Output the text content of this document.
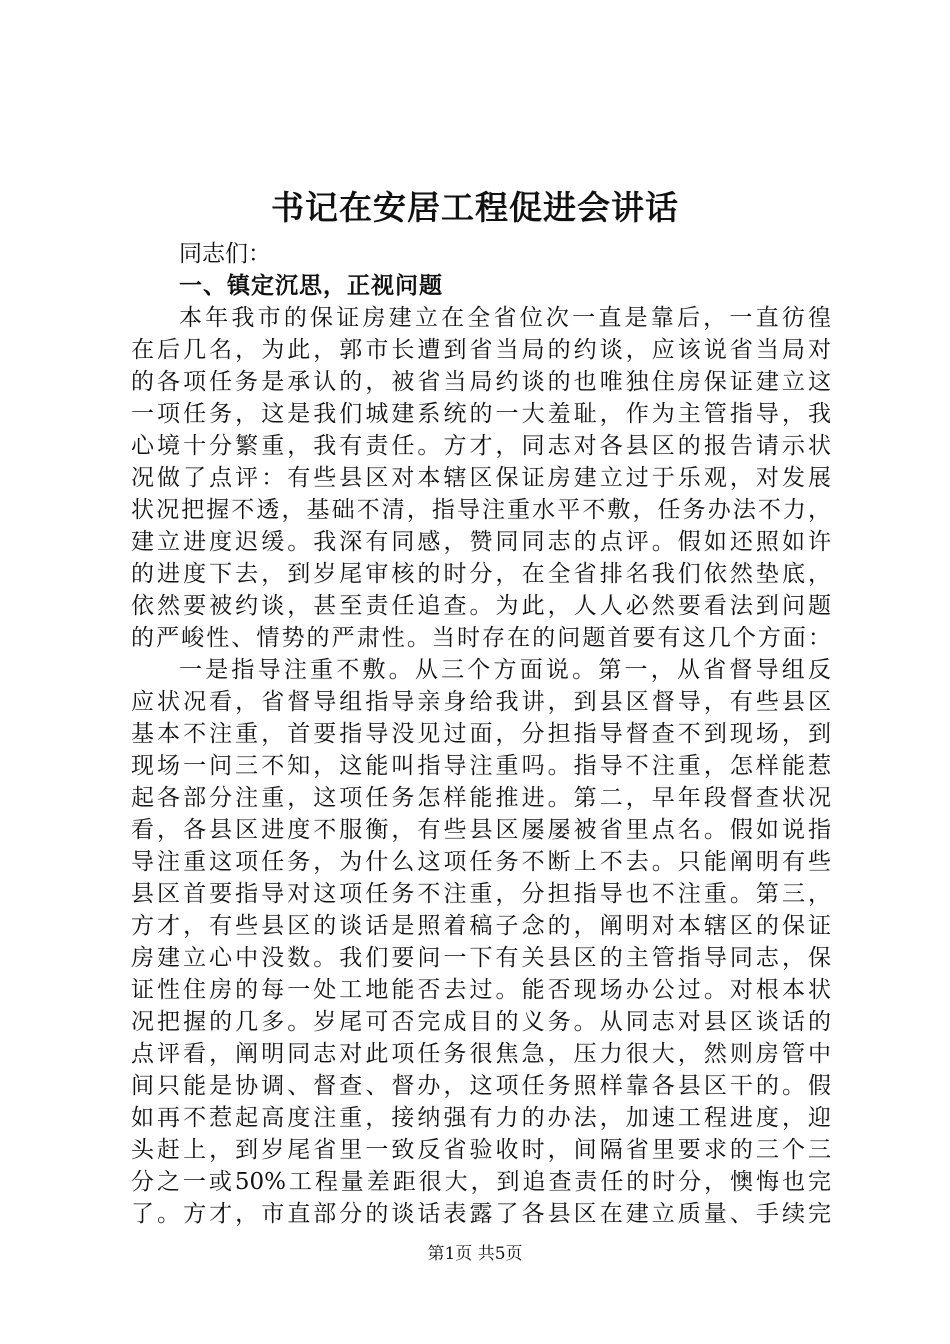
书记在安居工程促进会讲话
同志们：
一、镇定沉思，正视问题
本年我市的保证房建立在全省位次一直是靠后，一直彷徨
在后几名，为此，郭市长遭到省当局的约谈，应该说省当局对
的各项任务是承认的，被省当局约谈的也唯独住房保证建立这
一项任务，这是我们城建系统的一大羞耻，作为主管指导，我
心境十分繁重，我有责任。方才，同志对各县区的报告请示状
况做了点评：有些县区对本辖区保证房建立过于乐观，对发展
状况把握不透，基础不清，指导注重水平不敷，任务办法不力，
建立进度迟缓。我深有同感，赞同同志的点评。假如还照如许
的进度下去，到岁尾审核的时分，在全省排名我们依然垫底，
依然要被约谈，甚至责任追查。为此，人人必然要看法到问题
的严峻性、情势的严肃性。当时存在的问题首要有这几个方面：
一是指导注重不敷。从三个方面说。第一，从省督导组反
应状况看，省督导组指导亲身给我讲，到县区督导，有些县区
基本不注重，首要指导没见过面，分担指导督查不到现场，到
现场一问三不知，这能叫指导注重吗。指导不注重，怎样能惹
起各部分注重，这项任务怎样能推进。第二，早年段督查状况
看，各县区进度不服衡，有些县区屡屡被省里点名。假如说指
导注重这项任务，为什么这项任务不断上不去。只能阐明有些
县区首要指导对这项任务不注重，分担指导也不注重。第三，
方才，有些县区的谈话是照着稿子念的，阐明对本辖区的保证
房建立心中没数。我们要问一下有关县区的主管指导同志，保
证性住房的每一处工地能否去过。能否现场办公过。对根本状
况把握的几多。岁尾可否完成目的义务。从同志对县区谈话的
点评看，阐明同志对此项任务很焦急，压力很大，然则房管中
间只能是协调、督查、督办，这项任务照样靠各县区干的。假
如再不惹起高度注重，接纳强有力的办法，加速工程进度，迎
头赶上，到岁尾省里一致反省验收时，间隔省里要求的三个三
分之一或50%工程量差距很大，到追查责任的时分，懊悔也完
了。方才，市直部分的谈话表露了各县区在建立质量、手续完
第1页 共5页
